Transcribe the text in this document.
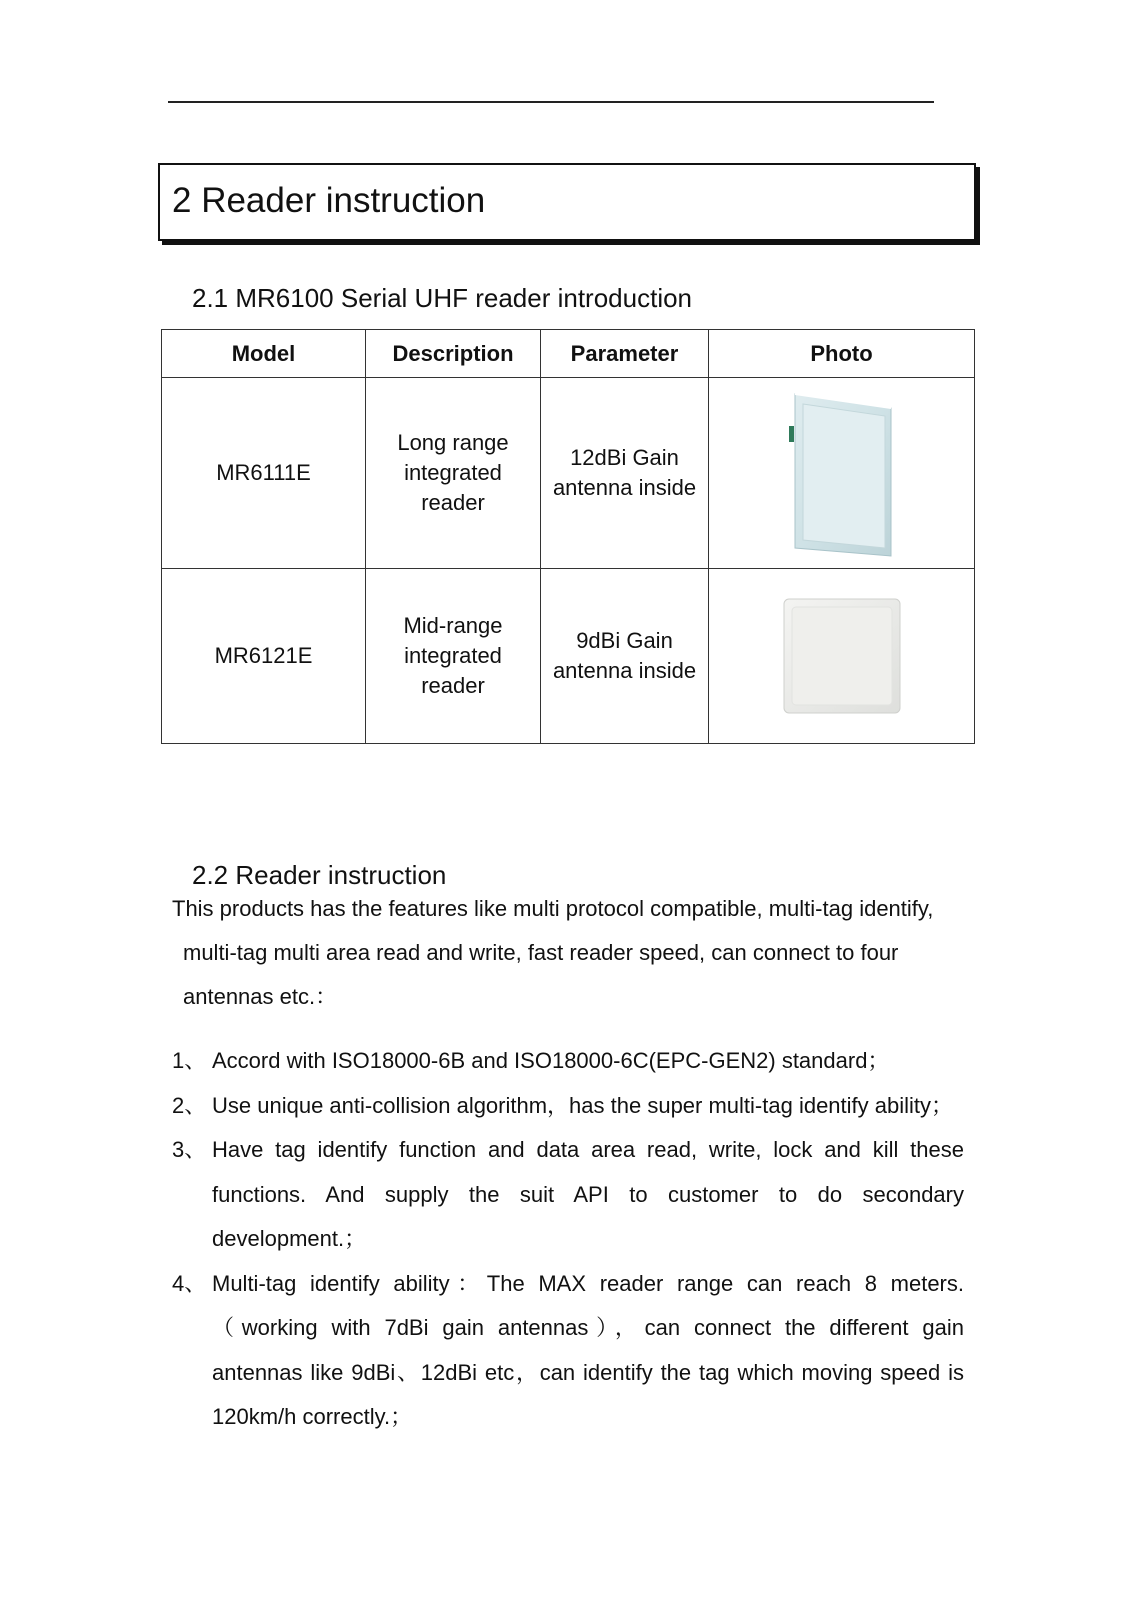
2 Reader instruction
2.1 MR6100 Serial UHF reader introduction
Model	Description	Parameter	Photo
MR6111E	Long range integrated reader	12dBi Gain antenna inside	

MR6121E	Mid-range integrated reader	9dBi Gain antenna inside	
2.2 Reader instruction
This products has the features like multi protocol compatible, multi-tag identify,
multi-tag multi area read and write, fast reader speed, can connect to four antennas etc.：
1、 Accord with ISO18000-6B and ISO18000-6C(EPC-GEN2) standard；
2、 Use unique anti-collision algorithm，has the super multi-tag identify ability；
3、 Have tag identify function and data area read, write, lock and kill these functions. And supply the suit API to customer to do secondary development.；
4、 Multi-tag identify ability：The MAX reader range can reach 8 meters.（working with 7dBi gain antennas），can connect the different gain antennas like 9dBi、12dBi etc，can identify the tag which moving speed is 120km/h correctly.；
